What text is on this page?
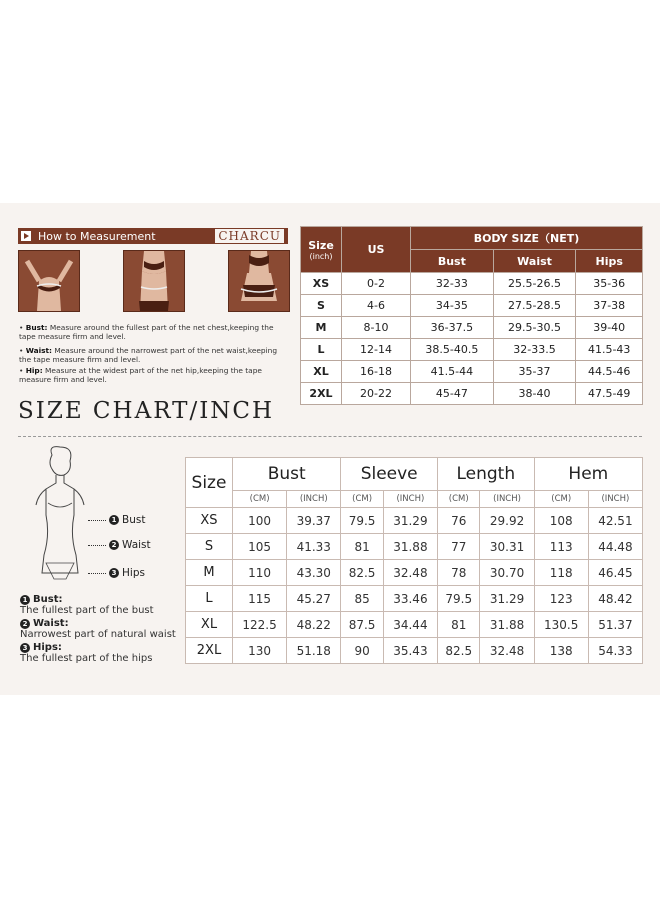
How to Measurement	CHARCU
• Bust: Measure around the fullest part of the net chest,keeping the tape measure firm and level.
• Waist: Measure around the narrowest part of the net waist,keeping the tape measure firm and level.
• Hip: Measure at the widest part of the net hip,keeping the tape measure firm and level.
Size
(inch)	US	BODY SIZE（NET)		
		Bust	Waist	Hips
XS	0-2	32-33	25.5-26.5	35-36
S	4-6	34-35	27.5-28.5	37-38
M	8-10	36-37.5	29.5-30.5	39-40
L	12-14	38.5-40.5	32-33.5	41.5-43
XL	16-18	41.5-44	35-37	44.5-46
2XL	20-22	45-47	38-40	47.5-49
SIZE CHART/INCH
1 Bust
2 Waist
3 Hips
1 Bust:
The fullest part of the bust
2 Waist:
Narrowest part of natural waist
3 Hips:
The fullest part of the hips
Size	Bust		Sleeve		Length		Hem	
	(CM)	(INCH)	(CM)	(INCH)	(CM)	(INCH)	(CM)	(INCH)
XS	100	39.37	79.5	31.29	76	29.92	108	42.51
S	105	41.33	81	31.88	77	30.31	113	44.48
M	110	43.30	82.5	32.48	78	30.70	118	46.45
L	115	45.27	85	33.46	79.5	31.29	123	48.42
XL	122.5	48.22	87.5	34.44	81	31.88	130.5	51.37
2XL	130	51.18	90	35.43	82.5	32.48	138	54.33
